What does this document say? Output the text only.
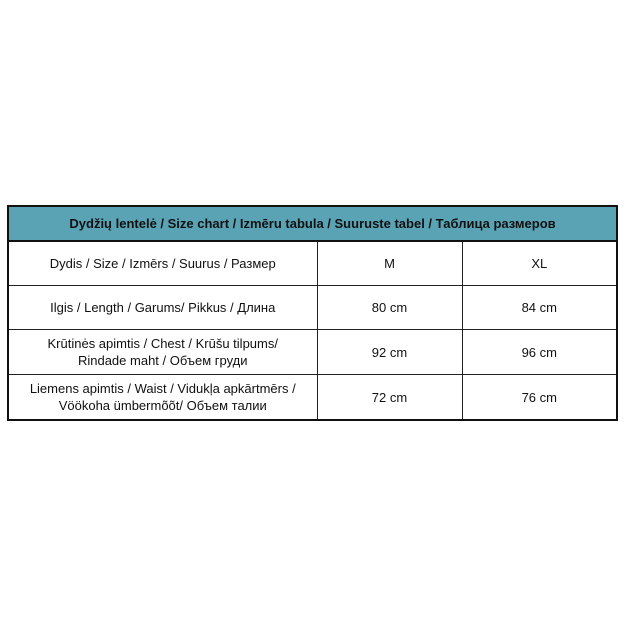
Dydžių lentelė / Size chart / Izmēru tabula / Suuruste tabel / Таблица размеров		
Dydis / Size / Izmērs / Suurus / Размер	M	XL

Ilgis / Length / Garums/ Pikkus / Длина	80 cm	84 cm

Krūtinės apimtis / Chest / Krūšu tilpums/
Rindade maht / Объем груди	92 cm	96 cm

Liemens apimtis / Waist / Vidukļa apkārtmērs /
Vöökoha ümbermõõt/ Объем талии	72 cm	76 cm
